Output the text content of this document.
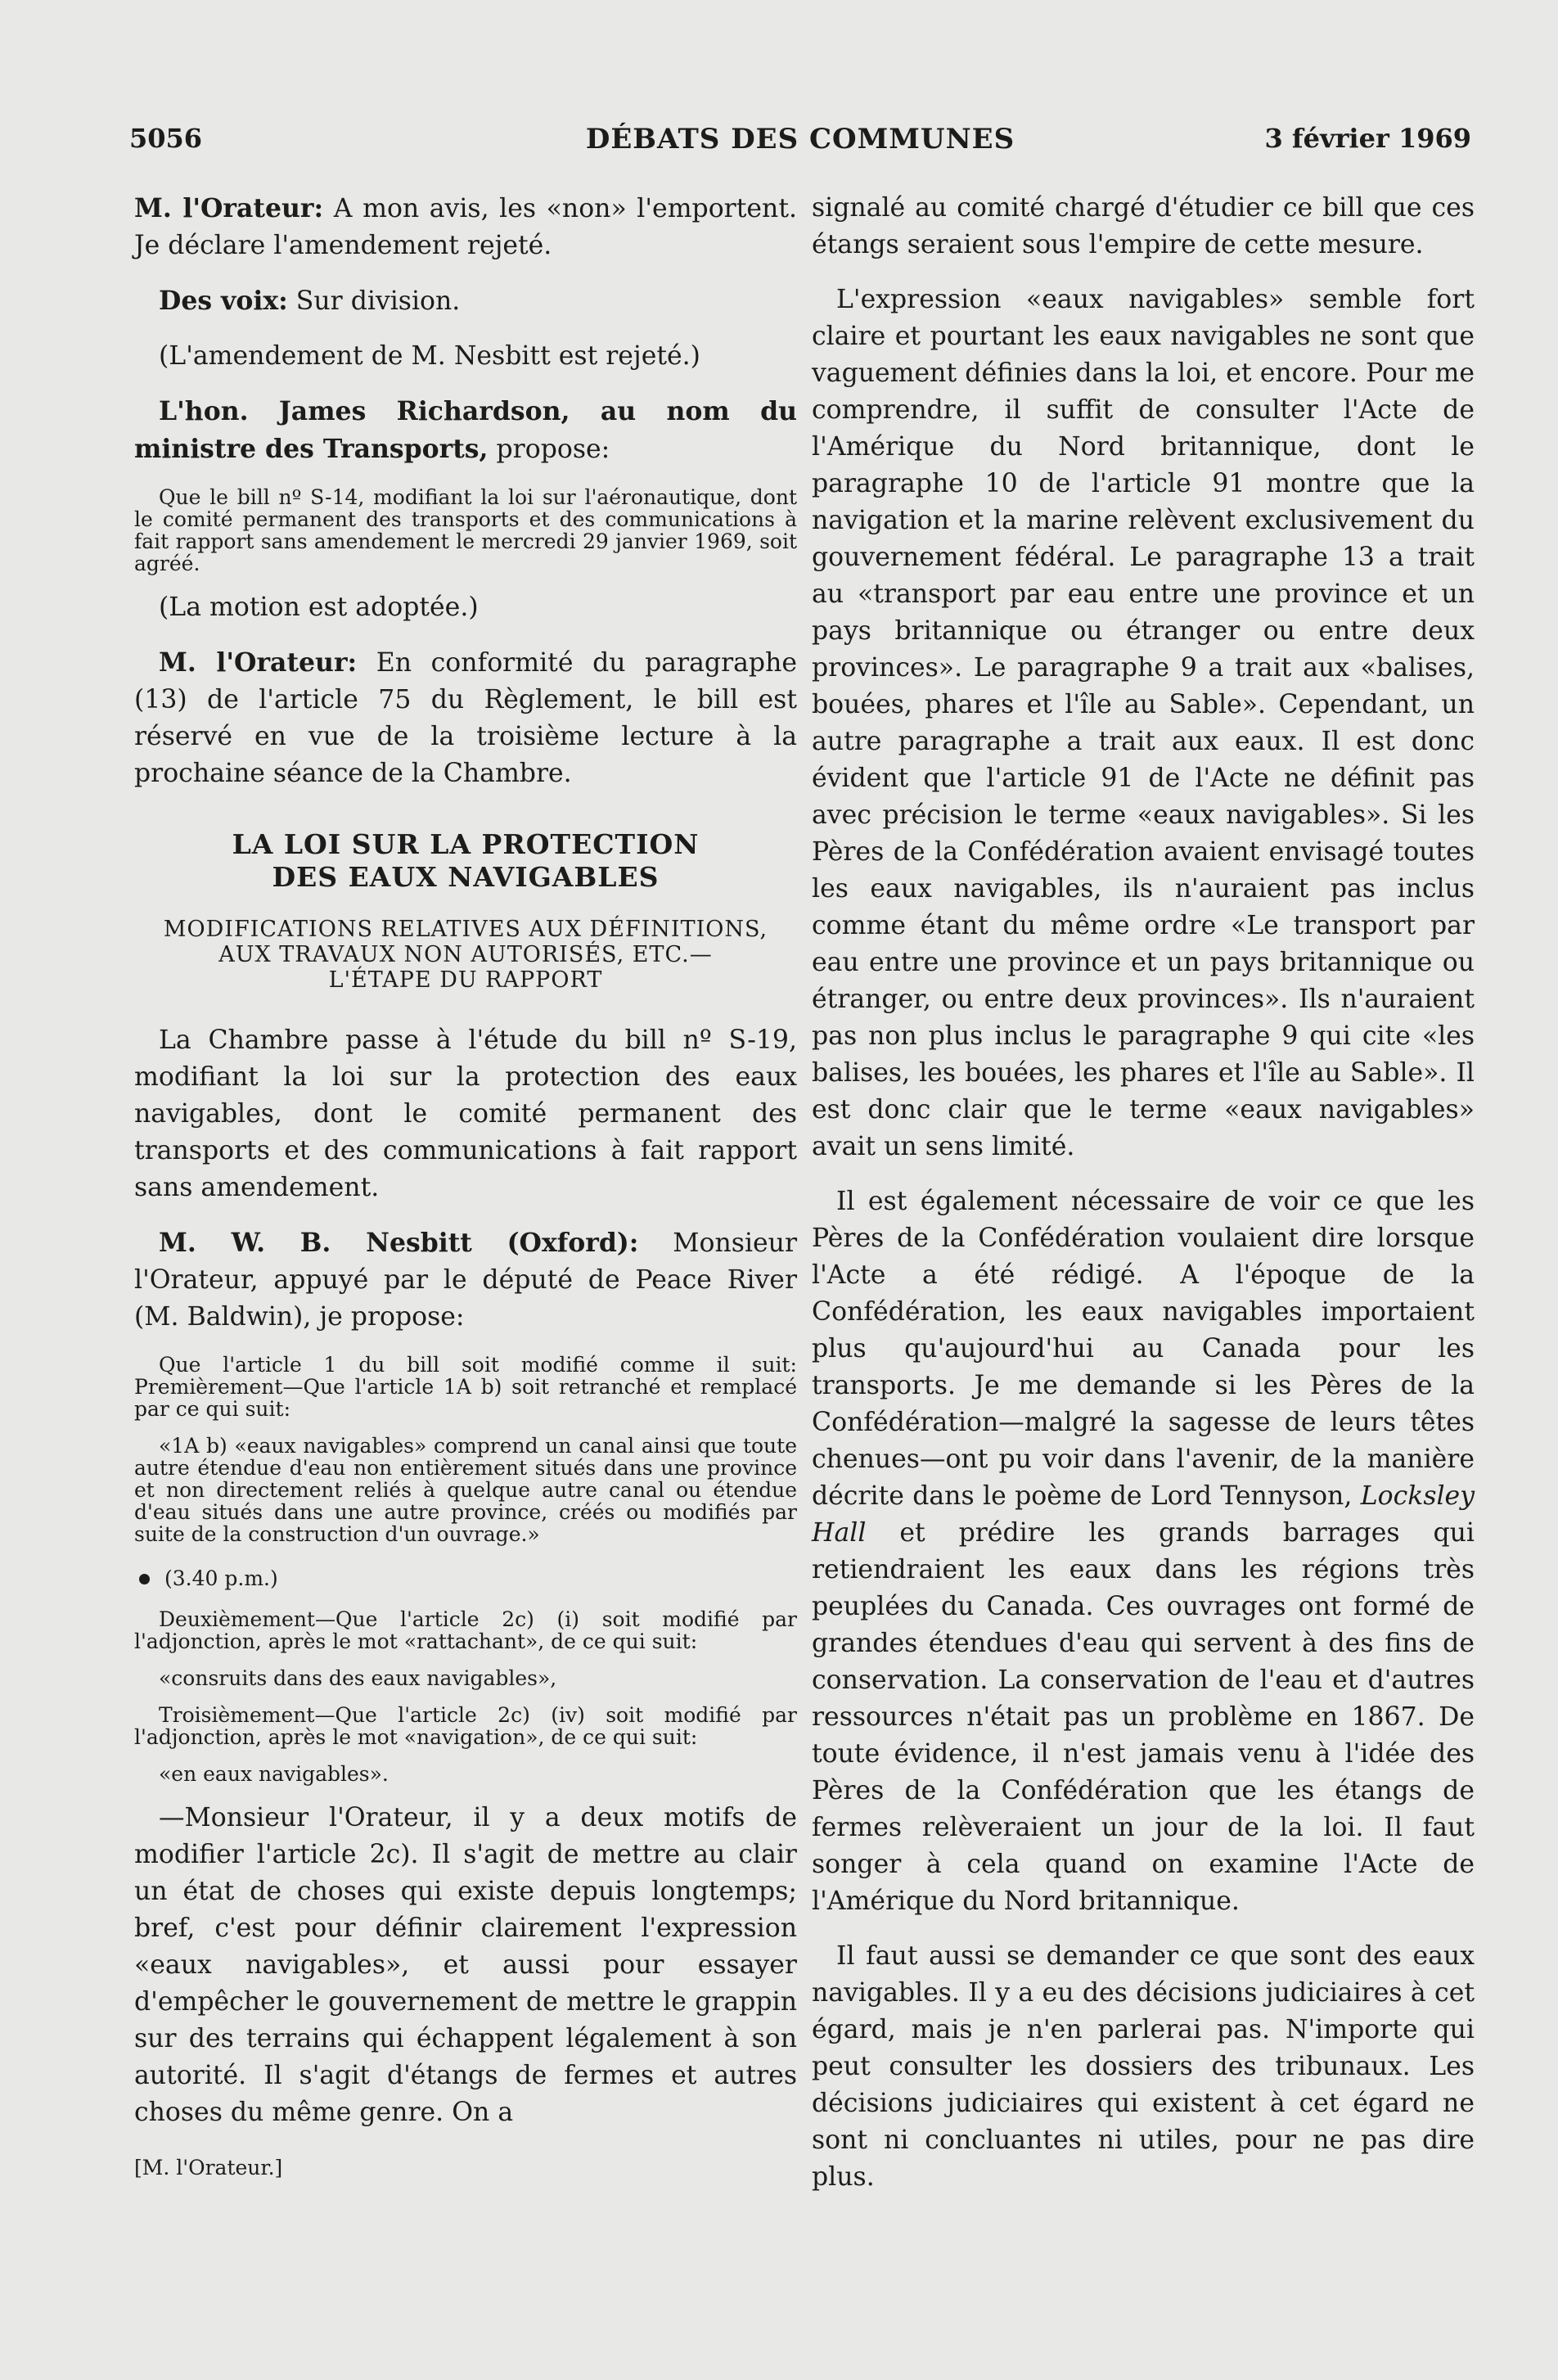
5056	DÉBATS DES COMMUNES	3 février 1969

M. l'Orateur: A mon avis, les «non» l'emportent. Je déclare l'amendement rejeté.

Des voix: Sur division.

(L'amendement de M. Nesbitt est rejeté.)

L'hon. James Richardson, au nom du ministre des Transports, propose:

Que le bill nº S-14, modifiant la loi sur l'aéronautique, dont le comité permanent des transports et des communications à fait rapport sans amendement le mercredi 29 janvier 1969, soit agréé.

(La motion est adoptée.)

M. l'Orateur: En conformité du paragraphe (13) de l'article 75 du Règlement, le bill est réservé en vue de la troisième lecture à la prochaine séance de la Chambre.

LA LOI SUR LA PROTECTION
DES EAUX NAVIGABLES
MODIFICATIONS RELATIVES AUX DÉFINITIONS,
AUX TRAVAUX NON AUTORISÉS, ETC.—
L'ÉTAPE DU RAPPORT

La Chambre passe à l'étude du bill nº S-19, modifiant la loi sur la protection des eaux navigables, dont le comité permanent des transports et des communications à fait rapport sans amendement.

M. W. B. Nesbitt (Oxford): Monsieur l'Orateur, appuyé par le député de Peace River (M. Baldwin), je propose:

Que l'article 1 du bill soit modifié comme il suit: Premièrement—Que l'article 1A b) soit retranché et remplacé par ce qui suit:

«1A b) «eaux navigables» comprend un canal ainsi que toute autre étendue d'eau non entièrement situés dans une province et non directement reliés à quelque autre canal ou étendue d'eau situés dans une autre province, créés ou modifiés par suite de la construction d'un ouvrage.»

(3.40 p.m.)

Deuxièmement—Que l'article 2c) (i) soit modifié par l'adjonction, après le mot «rattachant», de ce qui suit:

«consruits dans des eaux navigables»,

Troisièmement—Que l'article 2c) (iv) soit modifié par l'adjonction, après le mot «navigation», de ce qui suit:

«en eaux navigables».

—Monsieur l'Orateur, il y a deux motifs de modifier l'article 2c). Il s'agit de mettre au clair un état de choses qui existe depuis longtemps; bref, c'est pour définir clairement l'expression «eaux navigables», et aussi pour essayer d'empêcher le gouvernement de mettre le grappin sur des terrains qui échappent légalement à son autorité. Il s'agit d'étangs de fermes et autres choses du même genre. On a

[M. l'Orateur.]

signalé au comité chargé d'étudier ce bill que ces étangs seraient sous l'empire de cette mesure.

L'expression «eaux navigables» semble fort claire et pourtant les eaux navigables ne sont que vaguement définies dans la loi, et encore. Pour me comprendre, il suffit de consulter l'Acte de l'Amérique du Nord britannique, dont le paragraphe 10 de l'article 91 montre que la navigation et la marine relèvent exclusivement du gouvernement fédéral. Le paragraphe 13 a trait au «transport par eau entre une province et un pays britannique ou étranger ou entre deux provinces». Le paragraphe 9 a trait aux «balises, bouées, phares et l'île au Sable». Cependant, un autre paragraphe a trait aux eaux. Il est donc évident que l'article 91 de l'Acte ne définit pas avec précision le terme «eaux navigables». Si les Pères de la Confédération avaient envisagé toutes les eaux navigables, ils n'auraient pas inclus comme étant du même ordre «Le transport par eau entre une province et un pays britannique ou étranger, ou entre deux provinces». Ils n'auraient pas non plus inclus le paragraphe 9 qui cite «les balises, les bouées, les phares et l'île au Sable». Il est donc clair que le terme «eaux navigables» avait un sens limité.

Il est également nécessaire de voir ce que les Pères de la Confédération voulaient dire lorsque l'Acte a été rédigé. A l'époque de la Confédération, les eaux navigables importaient plus qu'aujourd'hui au Canada pour les transports. Je me demande si les Pères de la Confédération—malgré la sagesse de leurs têtes chenues—ont pu voir dans l'avenir, de la manière décrite dans le poème de Lord Tennyson, Locksley Hall et prédire les grands barrages qui retiendraient les eaux dans les régions très peuplées du Canada. Ces ouvrages ont formé de grandes étendues d'eau qui servent à des fins de conservation. La conservation de l'eau et d'autres ressources n'était pas un problème en 1867. De toute évidence, il n'est jamais venu à l'idée des Pères de la Confédération que les étangs de fermes relèveraient un jour de la loi. Il faut songer à cela quand on examine l'Acte de l'Amérique du Nord britannique.

Il faut aussi se demander ce que sont des eaux navigables. Il y a eu des décisions judiciaires à cet égard, mais je n'en parlerai pas. N'importe qui peut consulter les dossiers des tribunaux. Les décisions judiciaires qui existent à cet égard ne sont ni concluantes ni utiles, pour ne pas dire plus.
